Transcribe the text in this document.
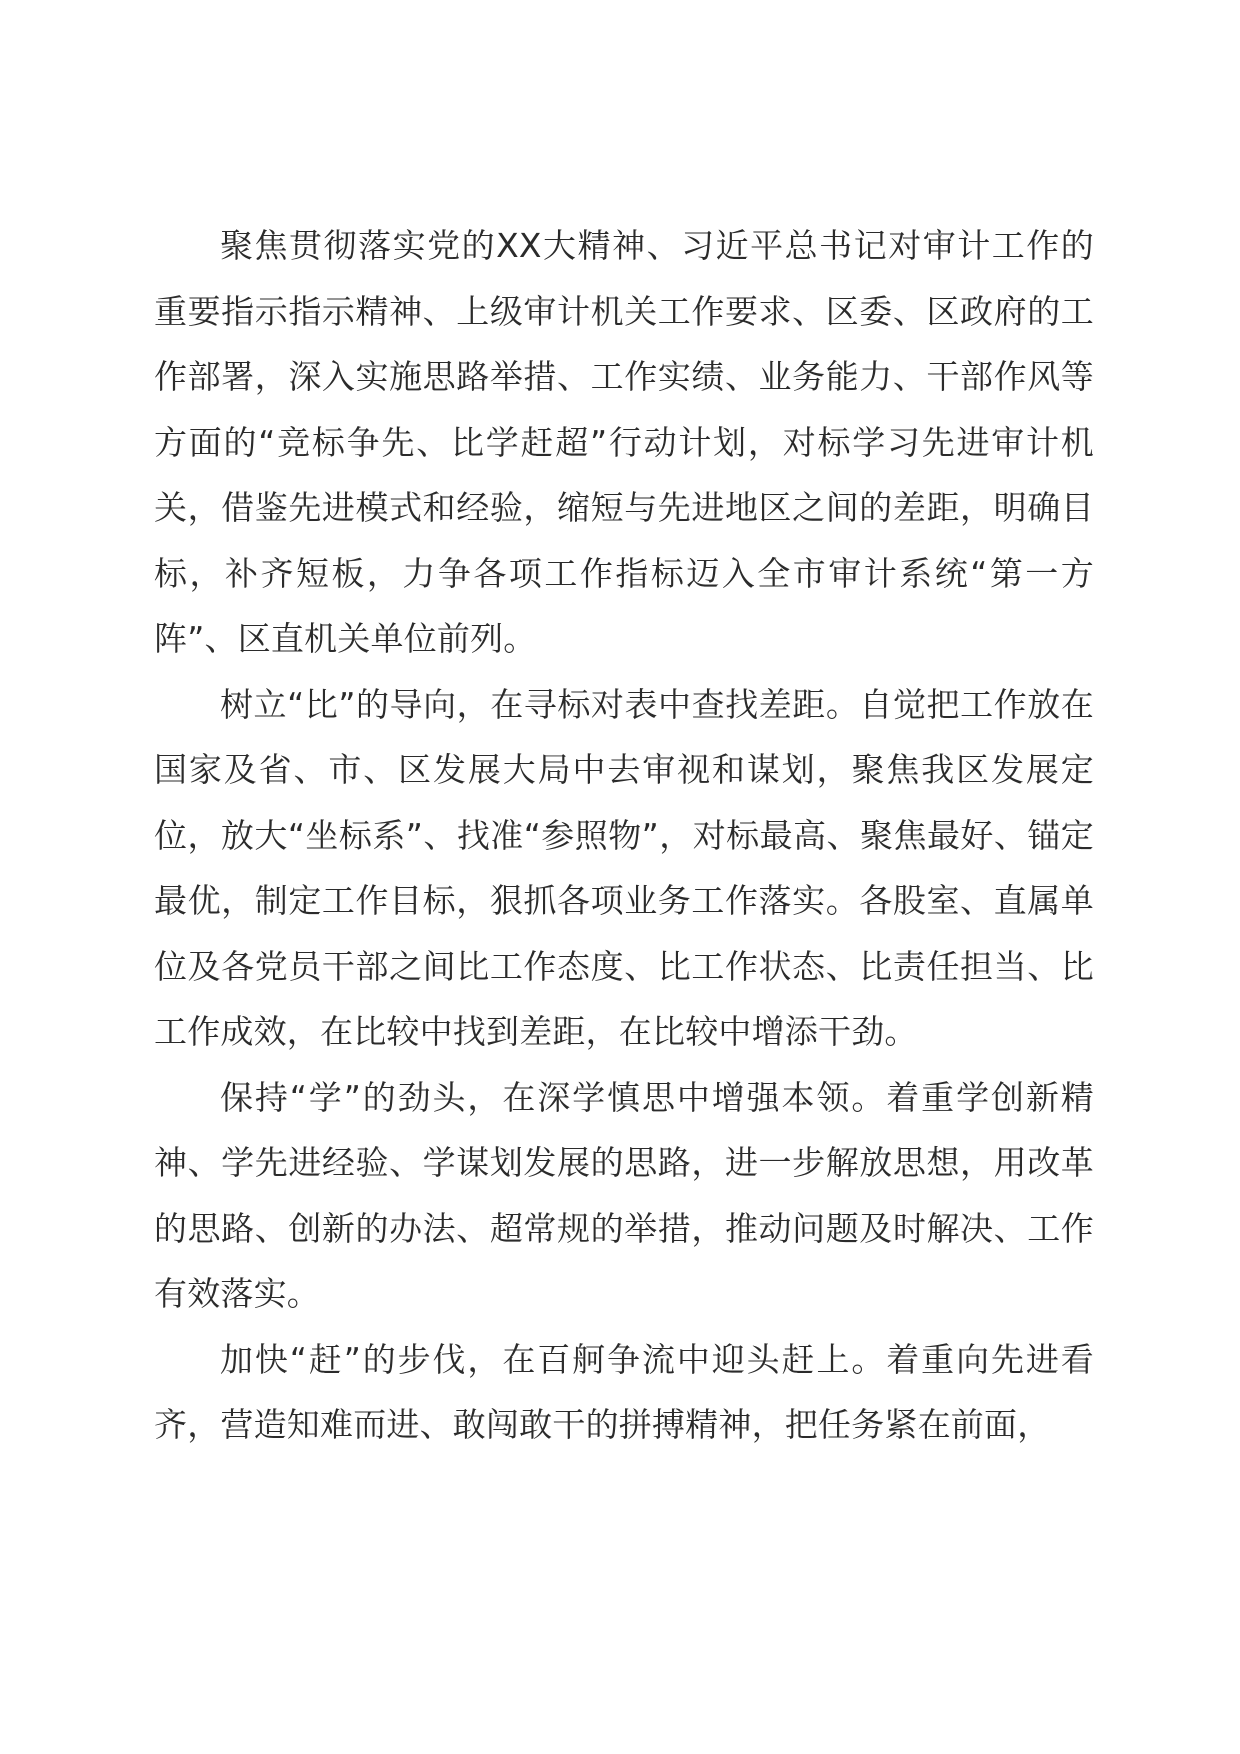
聚焦贯彻落实党的XX大精神、习近平总书记对审计工作的重要指示指示精神、上级审计机关工作要求、区委、区政府的工作部署，深入实施思路举措、工作实绩、业务能力、干部作风等方面的“竞标争先、比学赶超”行动计划，对标学习先进审计机关，借鉴先进模式和经验，缩短与先进地区之间的差距，明确目标，补齐短板，力争各项工作指标迈入全市审计系统“第一方阵”、区直机关单位前列。

树立“比”的导向，在寻标对表中查找差距。自觉把工作放在国家及省、市、区发展大局中去审视和谋划，聚焦我区发展定位，放大“坐标系”、找准“参照物”，对标最高、聚焦最好、锚定最优，制定工作目标，狠抓各项业务工作落实。各股室、直属单位及各党员干部之间比工作态度、比工作状态、比责任担当、比工作成效，在比较中找到差距，在比较中增添干劲。

保持“学”的劲头，在深学慎思中增强本领。着重学创新精神、学先进经验、学谋划发展的思路，进一步解放思想，用改革的思路、创新的办法、超常规的举措，推动问题及时解决、工作有效落实。

加快“赶”的步伐，在百舸争流中迎头赶上。着重向先进看齐，营造知难而进、敢闯敢干的拼搏精神，把任务紧在前面，
